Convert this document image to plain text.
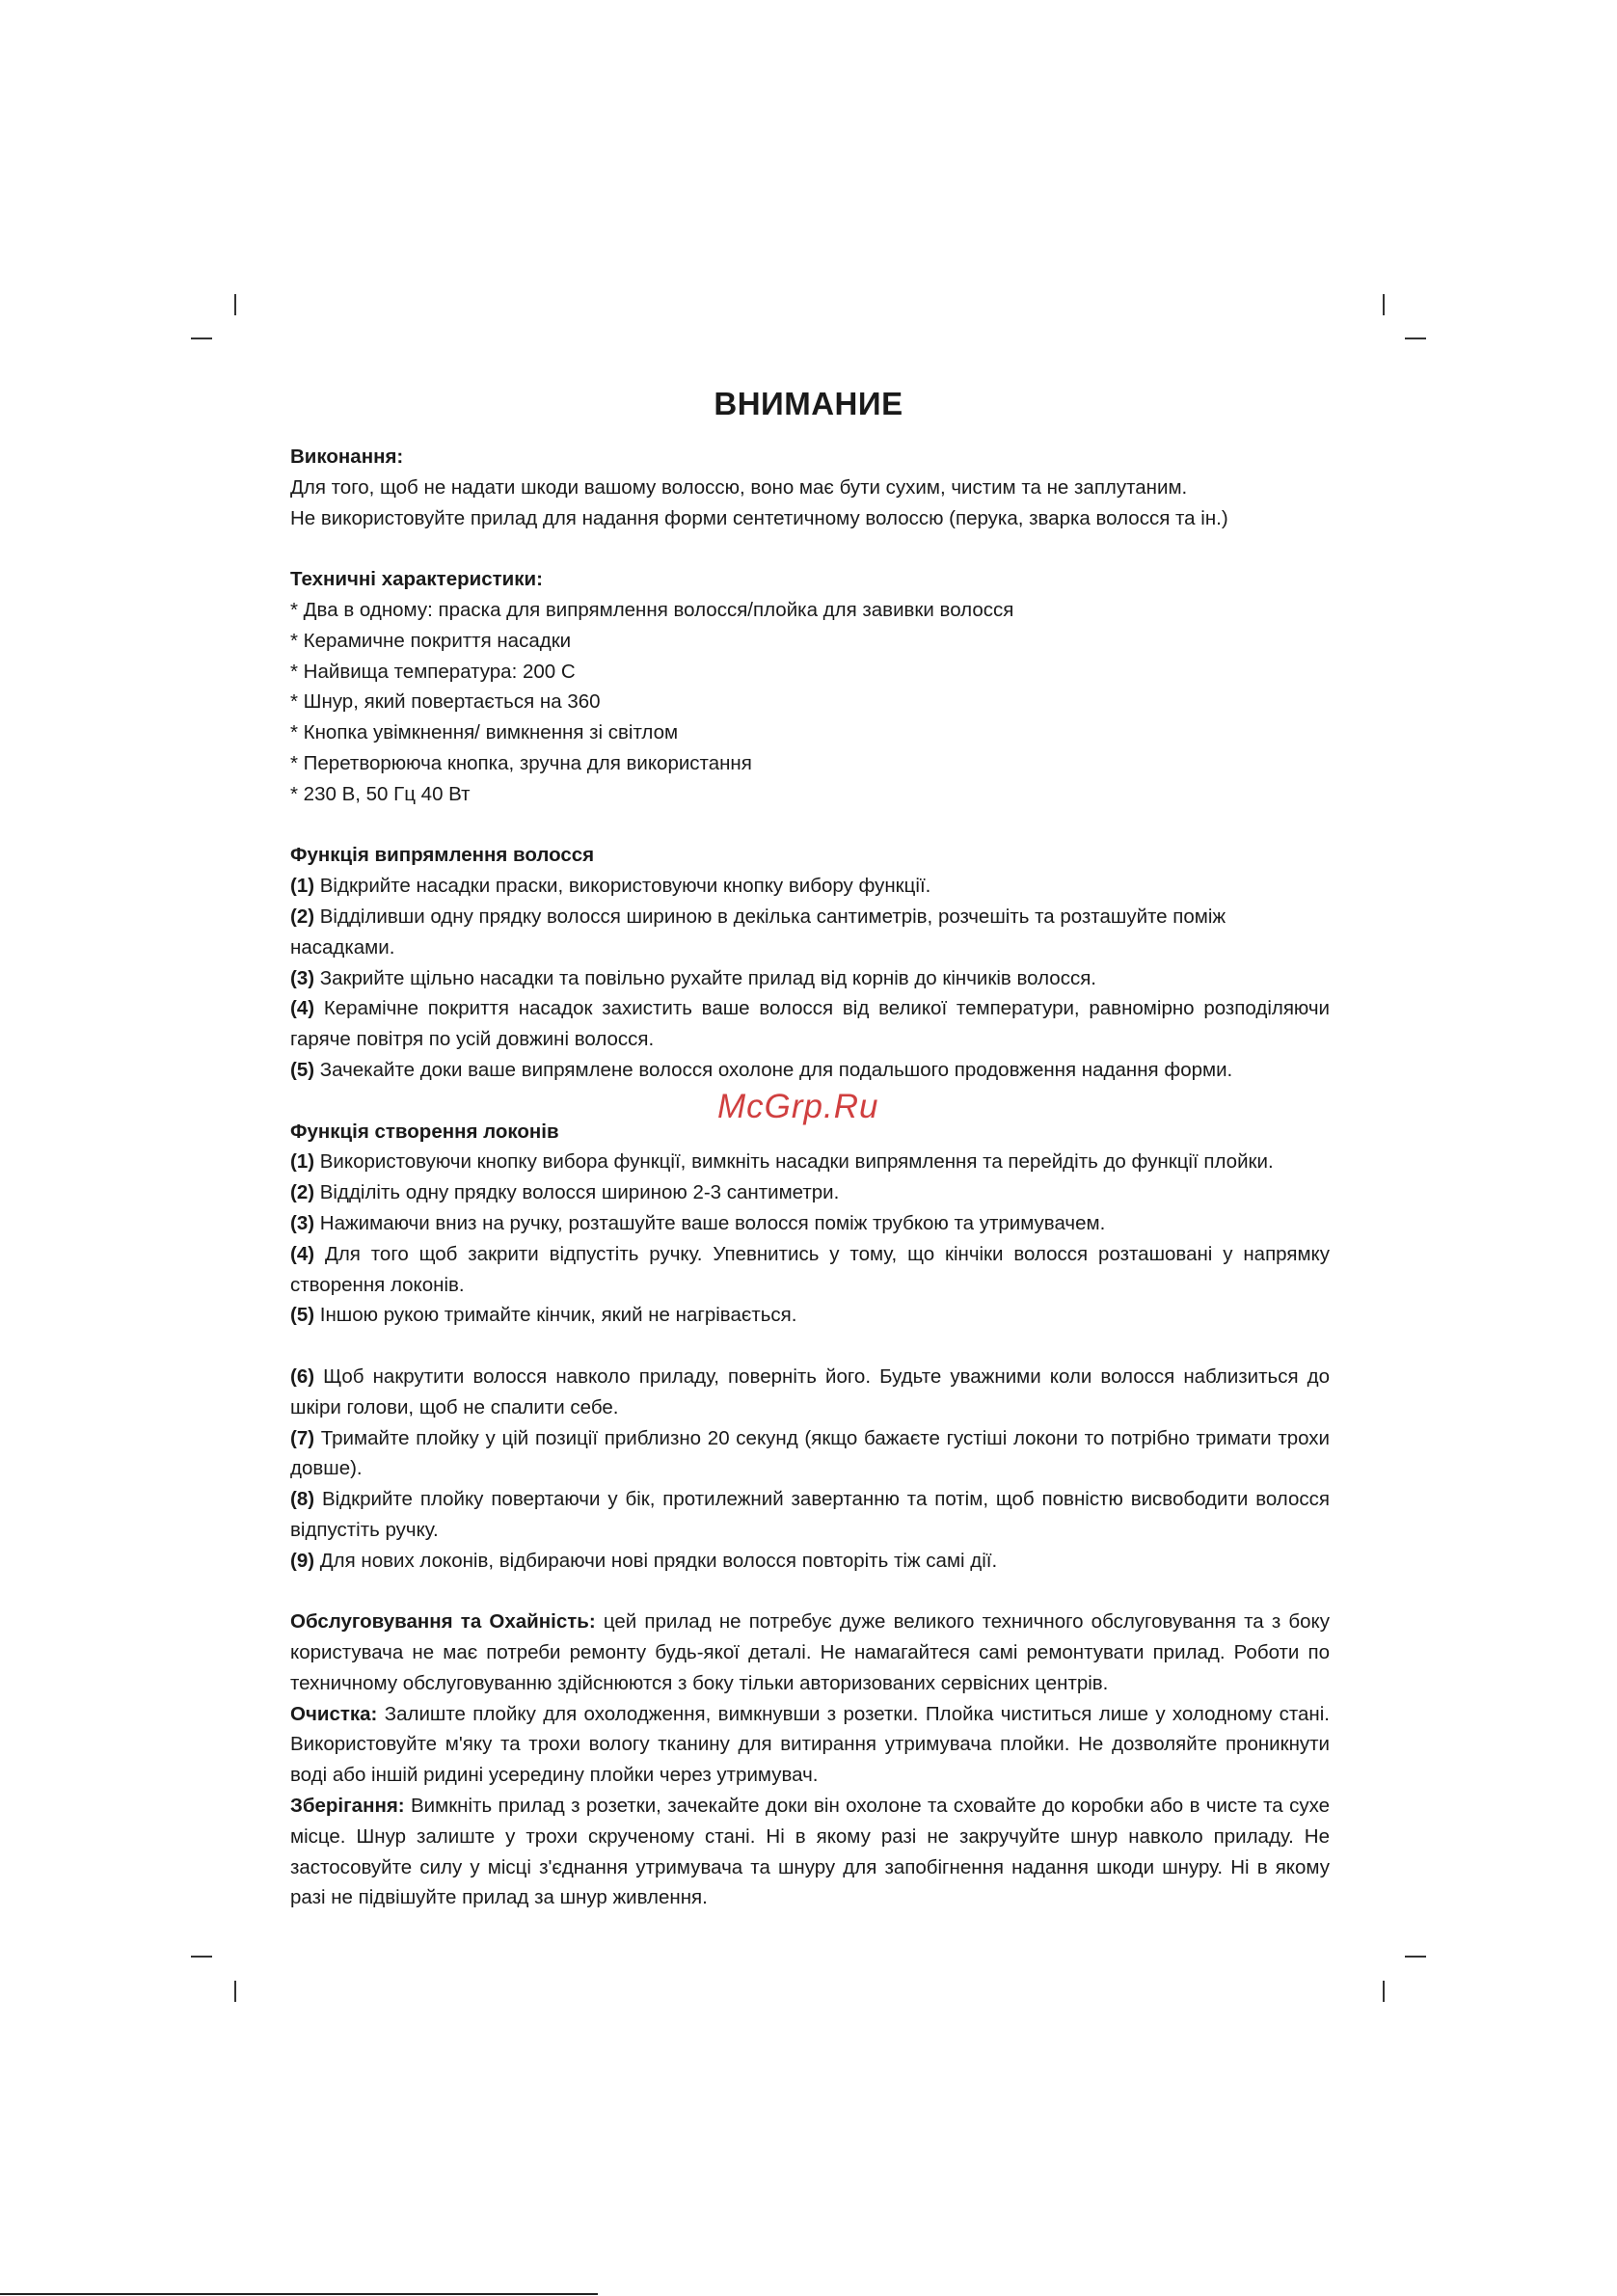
ВНИМАНИЕ

Виконання:

Для того, щоб не надати шкоди вашому волоссю, воно має бути сухим, чистим та не заплутаним.

Не використовуйте прилад для надання форми сентетичному волоссю (перука, зварка волосся та ін.)

Техничні характеристики:

* Два в одному: праска для випрямлення волосся/плойка для завивки волосся

* Керамичне покриття насадки

* Найвища температура: 200 С

* Шнур, який повертається на 360

* Кнопка увімкнення/ вимкнення зі світлом

* Перетворююча кнопка, зручна для використання

* 230 В, 50 Гц 40 Вт

Функція випрямлення волосся

(1) Відкрийте насадки праски, використовуючи кнопку вибору функції.

(2) Відділивши одну прядку волосся шириною в декілька сантиметрів, розчешіть та розташуйте поміж насадками.

(3) Закрийте щільно насадки та повільно рухайте прилад від корнів до кінчиків волосся.

(4) Керамічне покриття насадок захистить ваше волосся від великої температури, равномірно розподіляючи гаряче повітря по усій довжині волосся.

(5) Зачекайте доки ваше випрямлене волосся охолоне для подальшого продовження надання форми.

Функція створення локонів

(1) Використовуючи кнопку вибора функції, вимкніть насадки випрямлення та перейдіть до функції плойки.

(2) Відділіть одну прядку волосся шириною 2-3 сантиметри.

(3) Нажимаючи вниз на ручку, розташуйте ваше волосся поміж трубкою та утримувачем.

(4) Для того щоб закрити відпустіть ручку. Упевнитись у тому, що кінчіки волосся розташовані у напрямку створення локонів.

(5) Іншою рукою тримайте кінчик, який не нагрівається.

(6) Щоб накрутити волосся навколо приладу, поверніть його. Будьте уважними коли волосся наблизиться до шкіри голови, щоб не спалити себе.

(7) Тримайте плойку у цій позиції приблизно 20 секунд (якщо бажаєте густіші локони то потрібно тримати трохи довше).

(8) Відкрийте плойку повертаючи у бік, протилежний завертанню та потім, щоб повністю висвободити волосся відпустіть ручку.

(9) Для нових локонів, відбираючи нові прядки волосся повторіть тіж самі дії.

Обслуговування та Охайність: цей прилад не потребує дуже великого техничного обслуговування та з боку користувача не має потреби ремонту будь-якої деталі. Не намагайтеся самі ремонтувати прилад. Роботи по техничному обслуговуванню здійснюются з боку тільки авторизованих сервісних центрів.

Очистка: Залиште плойку для охолодження, вимкнувши з розетки. Плойка чиститься лише у холодному стані. Використовуйте м'яку та трохи вологу тканину для витирання утримувача плойки. Не дозволяйте проникнути воді або іншій ридині усередину плойки через утримувач.

Зберігання: Вимкніть прилад з розетки, зачекайте доки він охолоне та сховайте до коробки або в чисте та сухе місце. Шнур залиште у трохи скрученому стані. Ні в якому разі не закручуйте шнур навколо приладу. Не застосовуйте силу у місці з'єднання утримувача та шнуру для запобігнення надання шкоди шнуру. Ні в якому разі не підвішуйте прилад за шнур живлення.

McGrp.Ru
